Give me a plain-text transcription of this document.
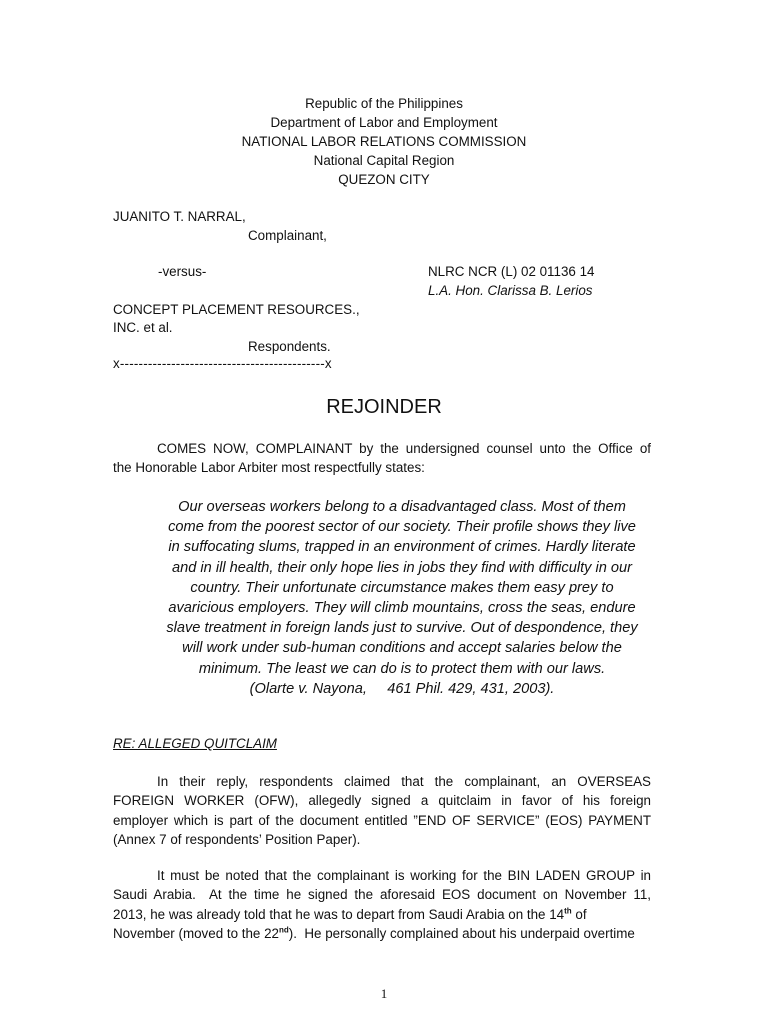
Republic of the Philippines
Department of Labor and Employment
NATIONAL LABOR RELATIONS COMMISSION
National Capital Region
QUEZON CITY
JUANITO T. NARRAL,
Complainant,
-versus-	NLRC NCR (L) 02 01136 14
L.A. Hon. Clarissa B. Lerios
CONCEPT PLACEMENT RESOURCES.,
INC. et al.
Respondents.
x--------------------------------------------x
REJOINDER
COMES NOW, COMPLAINANT by the undersigned counsel unto the Office of
the Honorable Labor Arbiter most respectfully states:
Our overseas workers belong to a disadvantaged class. Most of them
come from the poorest sector of our society. Their profile shows they live
in suffocating slums, trapped in an environment of crimes. Hardly literate
and in ill health, their only hope lies in jobs they find with difficulty in our
country. Their unfortunate circumstance makes them easy prey to
avaricious employers. They will climb mountains, cross the seas, endure
slave treatment in foreign lands just to survive. Out of despondence, they
will work under sub-human conditions and accept salaries below the
minimum. The least we can do is to protect them with our laws.
(Olarte v. Nayona,     461 Phil. 429, 431, 2003).
RE: ALLEGED QUITCLAIM
In their reply, respondents claimed that the complainant, an OVERSEAS
FOREIGN WORKER (OFW), allegedly signed a quitclaim in favor of his foreign
employer which is part of the document entitled ”END OF SERVICE” (EOS) PAYMENT
(Annex 7 of respondents’ Position Paper).
It must be noted that the complainant is working for the BIN LADEN GROUP in
Saudi Arabia.  At the time he signed the aforesaid EOS document on November 11,
2013, he was already told that he was to depart from Saudi Arabia on the 14th of
November (moved to the 22nd).  He personally complained about his underpaid overtime
1
